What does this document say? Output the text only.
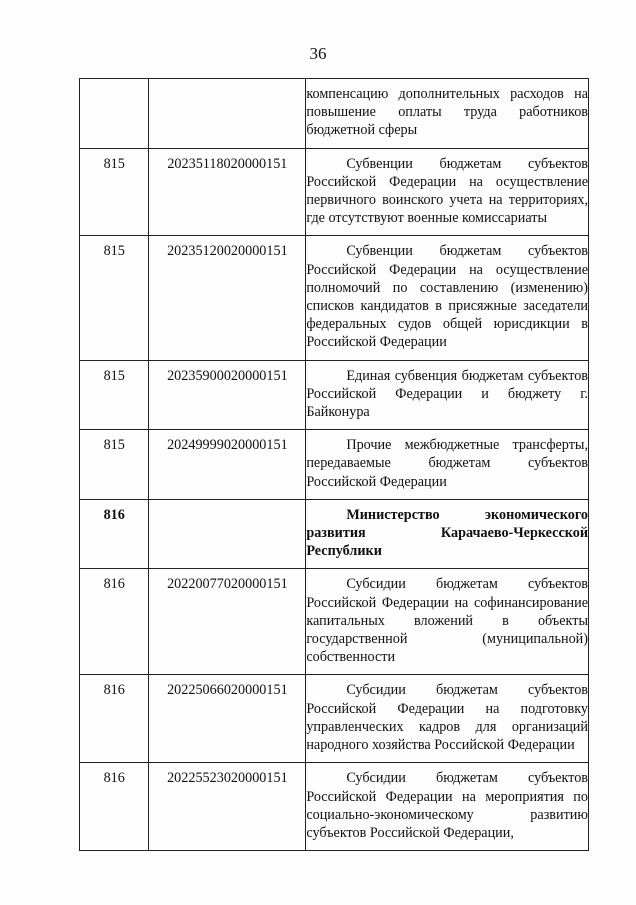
36
		компенсацию дополнительных расходов на повышение оплаты труда работников бюджетной сферы
815	20235118020000151	Субвенции бюджетам субъектов Российской Федерации на осуществление первичного воинского учета на территориях, где отсутствуют военные комиссариаты

815	20235120020000151	Субвенции бюджетам субъектов Российской Федерации на осуществление полномочий по составлению (изменению) списков кандидатов в присяжные заседатели федеральных судов общей юрисдикции в Российской Федерации

815	20235900020000151	Единая субвенция бюджетам субъектов Российской Федерации и бюджету г. Байконура

815	20249999020000151	Прочие межбюджетные трансферты, передаваемые бюджетам субъектов Российской Федерации

816		Министерство экономического развития Карачаево-Черкесской Республики

816	20220077020000151	Субсидии бюджетам субъектов Российской Федерации на софинансирование капитальных вложений в объекты государственной (муниципальной) собственности

816	20225066020000151	Субсидии бюджетам субъектов Российской Федерации на подготовку управленческих кадров для организаций народного хозяйства Российской Федерации

816	20225523020000151	Субсидии бюджетам субъектов Российской Федерации на мероприятия по социально-экономическому развитию субъектов Российской Федерации,
